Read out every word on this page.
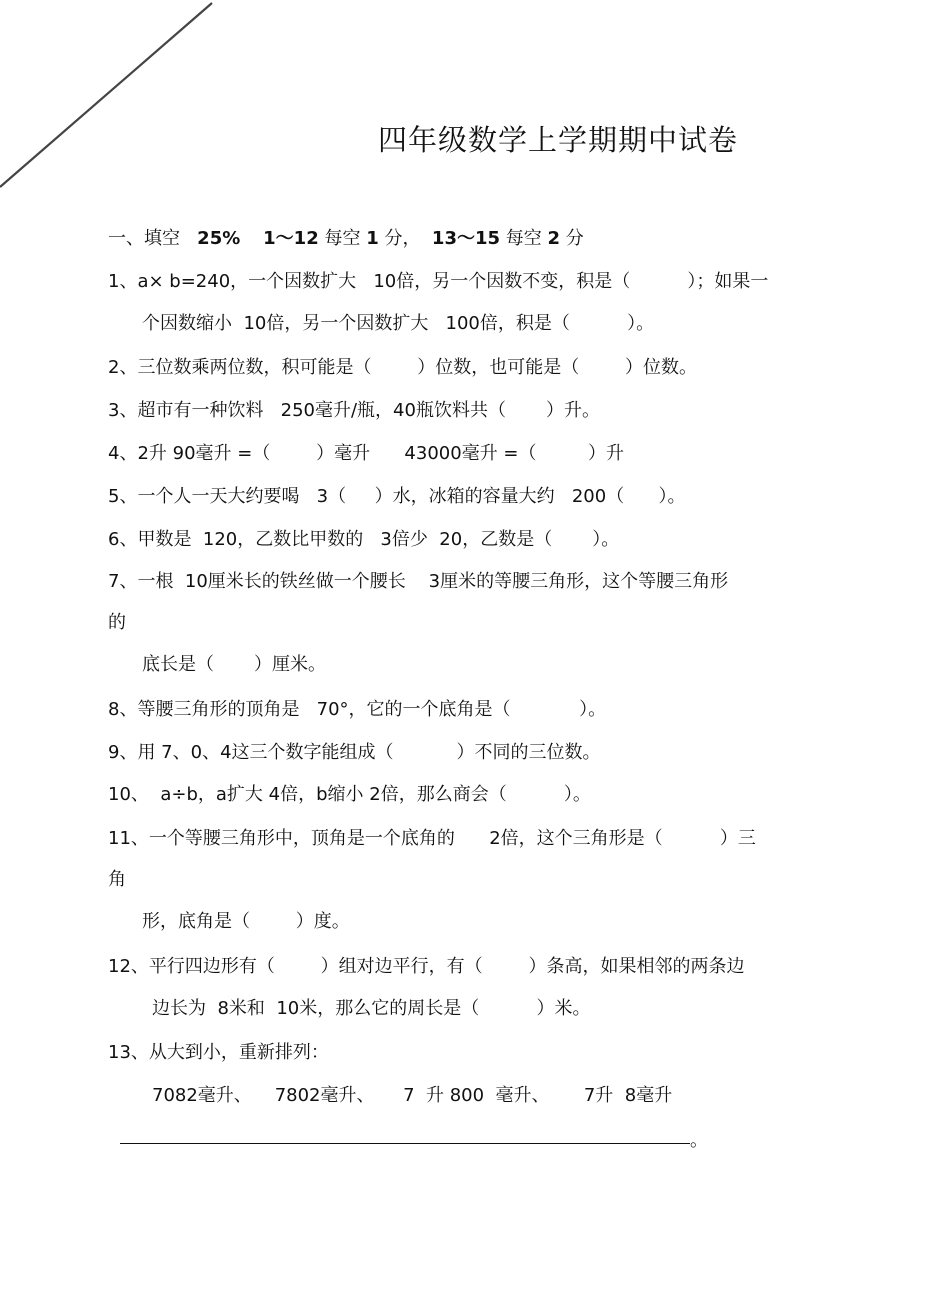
四年级数学上学期期中试卷
一、填空 25% 1～12 每空 1 分， 13～15 每空 2 分
1、a× b=240，一个因数扩大   10倍，另一个因数不变，积是（          ）；如果一
个因数缩小  10倍，另一个因数扩大   100倍，积是（          ）。
2、三位数乘两位数，积可能是（        ）位数，也可能是（        ）位数。
3、超市有一种饮料   250毫升/瓶，40瓶饮料共（       ）升。
4、2升 90毫升 =（        ）毫升      43000毫升 =（         ）升
5、一个人一天大约要喝   3（     ）水，冰箱的容量大约   200（      ）。
6、甲数是  120，乙数比甲数的   3倍少  20，乙数是（       ）。
7、一根  10厘米长的铁丝做一个腰长    3厘米的等腰三角形，这个等腰三角形
的
底长是（       ）厘米。
8、等腰三角形的顶角是   70°，它的一个底角是（            ）。
9、用 7、0、4这三个数字能组成（           ）不同的三位数。
10、  a÷b，a扩大 4倍，b缩小 2倍，那么商会（          ）。
11、一个等腰三角形中，顶角是一个底角的      2倍，这个三角形是（          ）三
角
形，底角是（        ）度。
12、平行四边形有（        ）组对边平行，有（        ）条高，如果相邻的两条边
边长为  8米和  10米，那么它的周长是（          ）米。
13、从大到小，重新排列：
7082毫升、    7802毫升、     7  升 800  毫升、      7升  8毫升
。
